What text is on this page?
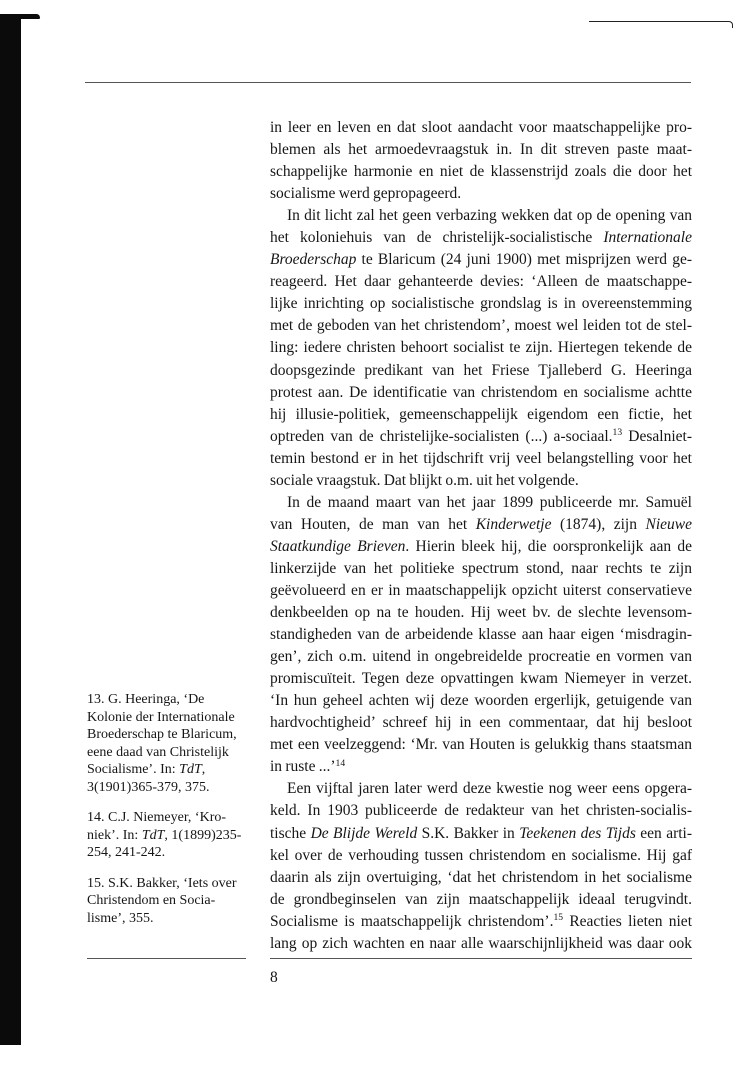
13. G. Heeringa, ‘De
Kolonie der Internationale
Broederschap te Blaricum,
eene daad van Christelijk
Socialisme’. In: TdT,
3(1901)365-379, 375.
14. C.J. Niemeyer, ‘Kro-
niek’. In: TdT, 1(1899)235-
254, 241-242.
15. S.K. Bakker, ‘Iets over
Christendom en Socia-
lisme’, 355.
in leer en leven en dat sloot aandacht voor maatschappelijke pro-
blemen als het armoedevraagstuk in. In dit streven paste maat-
schappelijke harmonie en niet de klassenstrijd zoals die door het
socialisme werd gepropageerd.
In dit licht zal het geen verbazing wekken dat op de opening van
het koloniehuis van de christelijk-socialistische Internationale
Broederschap te Blaricum (24 juni 1900) met misprijzen werd ge-
reageerd. Het daar gehanteerde devies: ‘Alleen de maatschappe-
lijke inrichting op socialistische grondslag is in overeenstemming
met de geboden van het christendom’, moest wel leiden tot de stel-
ling: iedere christen behoort socialist te zijn. Hiertegen tekende de
doopsgezinde predikant van het Friese Tjalleberd G. Heeringa
protest aan. De identificatie van christendom en socialisme achtte
hij illusie-politiek, gemeenschappelijk eigendom een fictie, het
optreden van de christelijke-socialisten (...) a-sociaal.$^{13}$ Desalniet-
temin bestond er in het tijdschrift vrij veel belangstelling voor het
sociale vraagstuk. Dat blijkt o.m. uit het volgende.
In de maand maart van het jaar 1899 publiceerde mr. Samuël
van Houten, de man van het Kinderwetje (1874), zijn Nieuwe
Staatkundige Brieven. Hierin bleek hij, die oorspronkelijk aan de
linkerzijde van het politieke spectrum stond, naar rechts te zijn
geëvolueerd en er in maatschappelijk opzicht uiterst conservatieve
denkbeelden op na te houden. Hij weet bv. de slechte levensom-
standigheden van de arbeidende klasse aan haar eigen ‘misdragin-
gen’, zich o.m. uitend in ongebreidelde procreatie en vormen van
promiscuïteit. Tegen deze opvattingen kwam Niemeyer in verzet.
‘In hun geheel achten wij deze woorden ergerlijk, getuigende van
hardvochtigheid’ schreef hij in een commentaar, dat hij besloot
met een veelzeggend: ‘Mr. van Houten is gelukkig thans staatsman
in ruste ...’$^{14}$
Een vijftal jaren later werd deze kwestie nog weer eens opgera-
keld. In 1903 publiceerde de redakteur van het christen-socialis-
tische De Blijde Wereld S.K. Bakker in Teekenen des Tijds een arti-
kel over de verhouding tussen christendom en socialisme. Hij gaf
daarin als zijn overtuiging, ‘dat het christendom in het socialisme
de grondbeginselen van zijn maatschappelijk ideaal terugvindt.
Socialisme is maatschappelijk christendom’.$^{15}$ Reacties lieten niet
lang op zich wachten en naar alle waarschijnlijkheid was daar ook
8
